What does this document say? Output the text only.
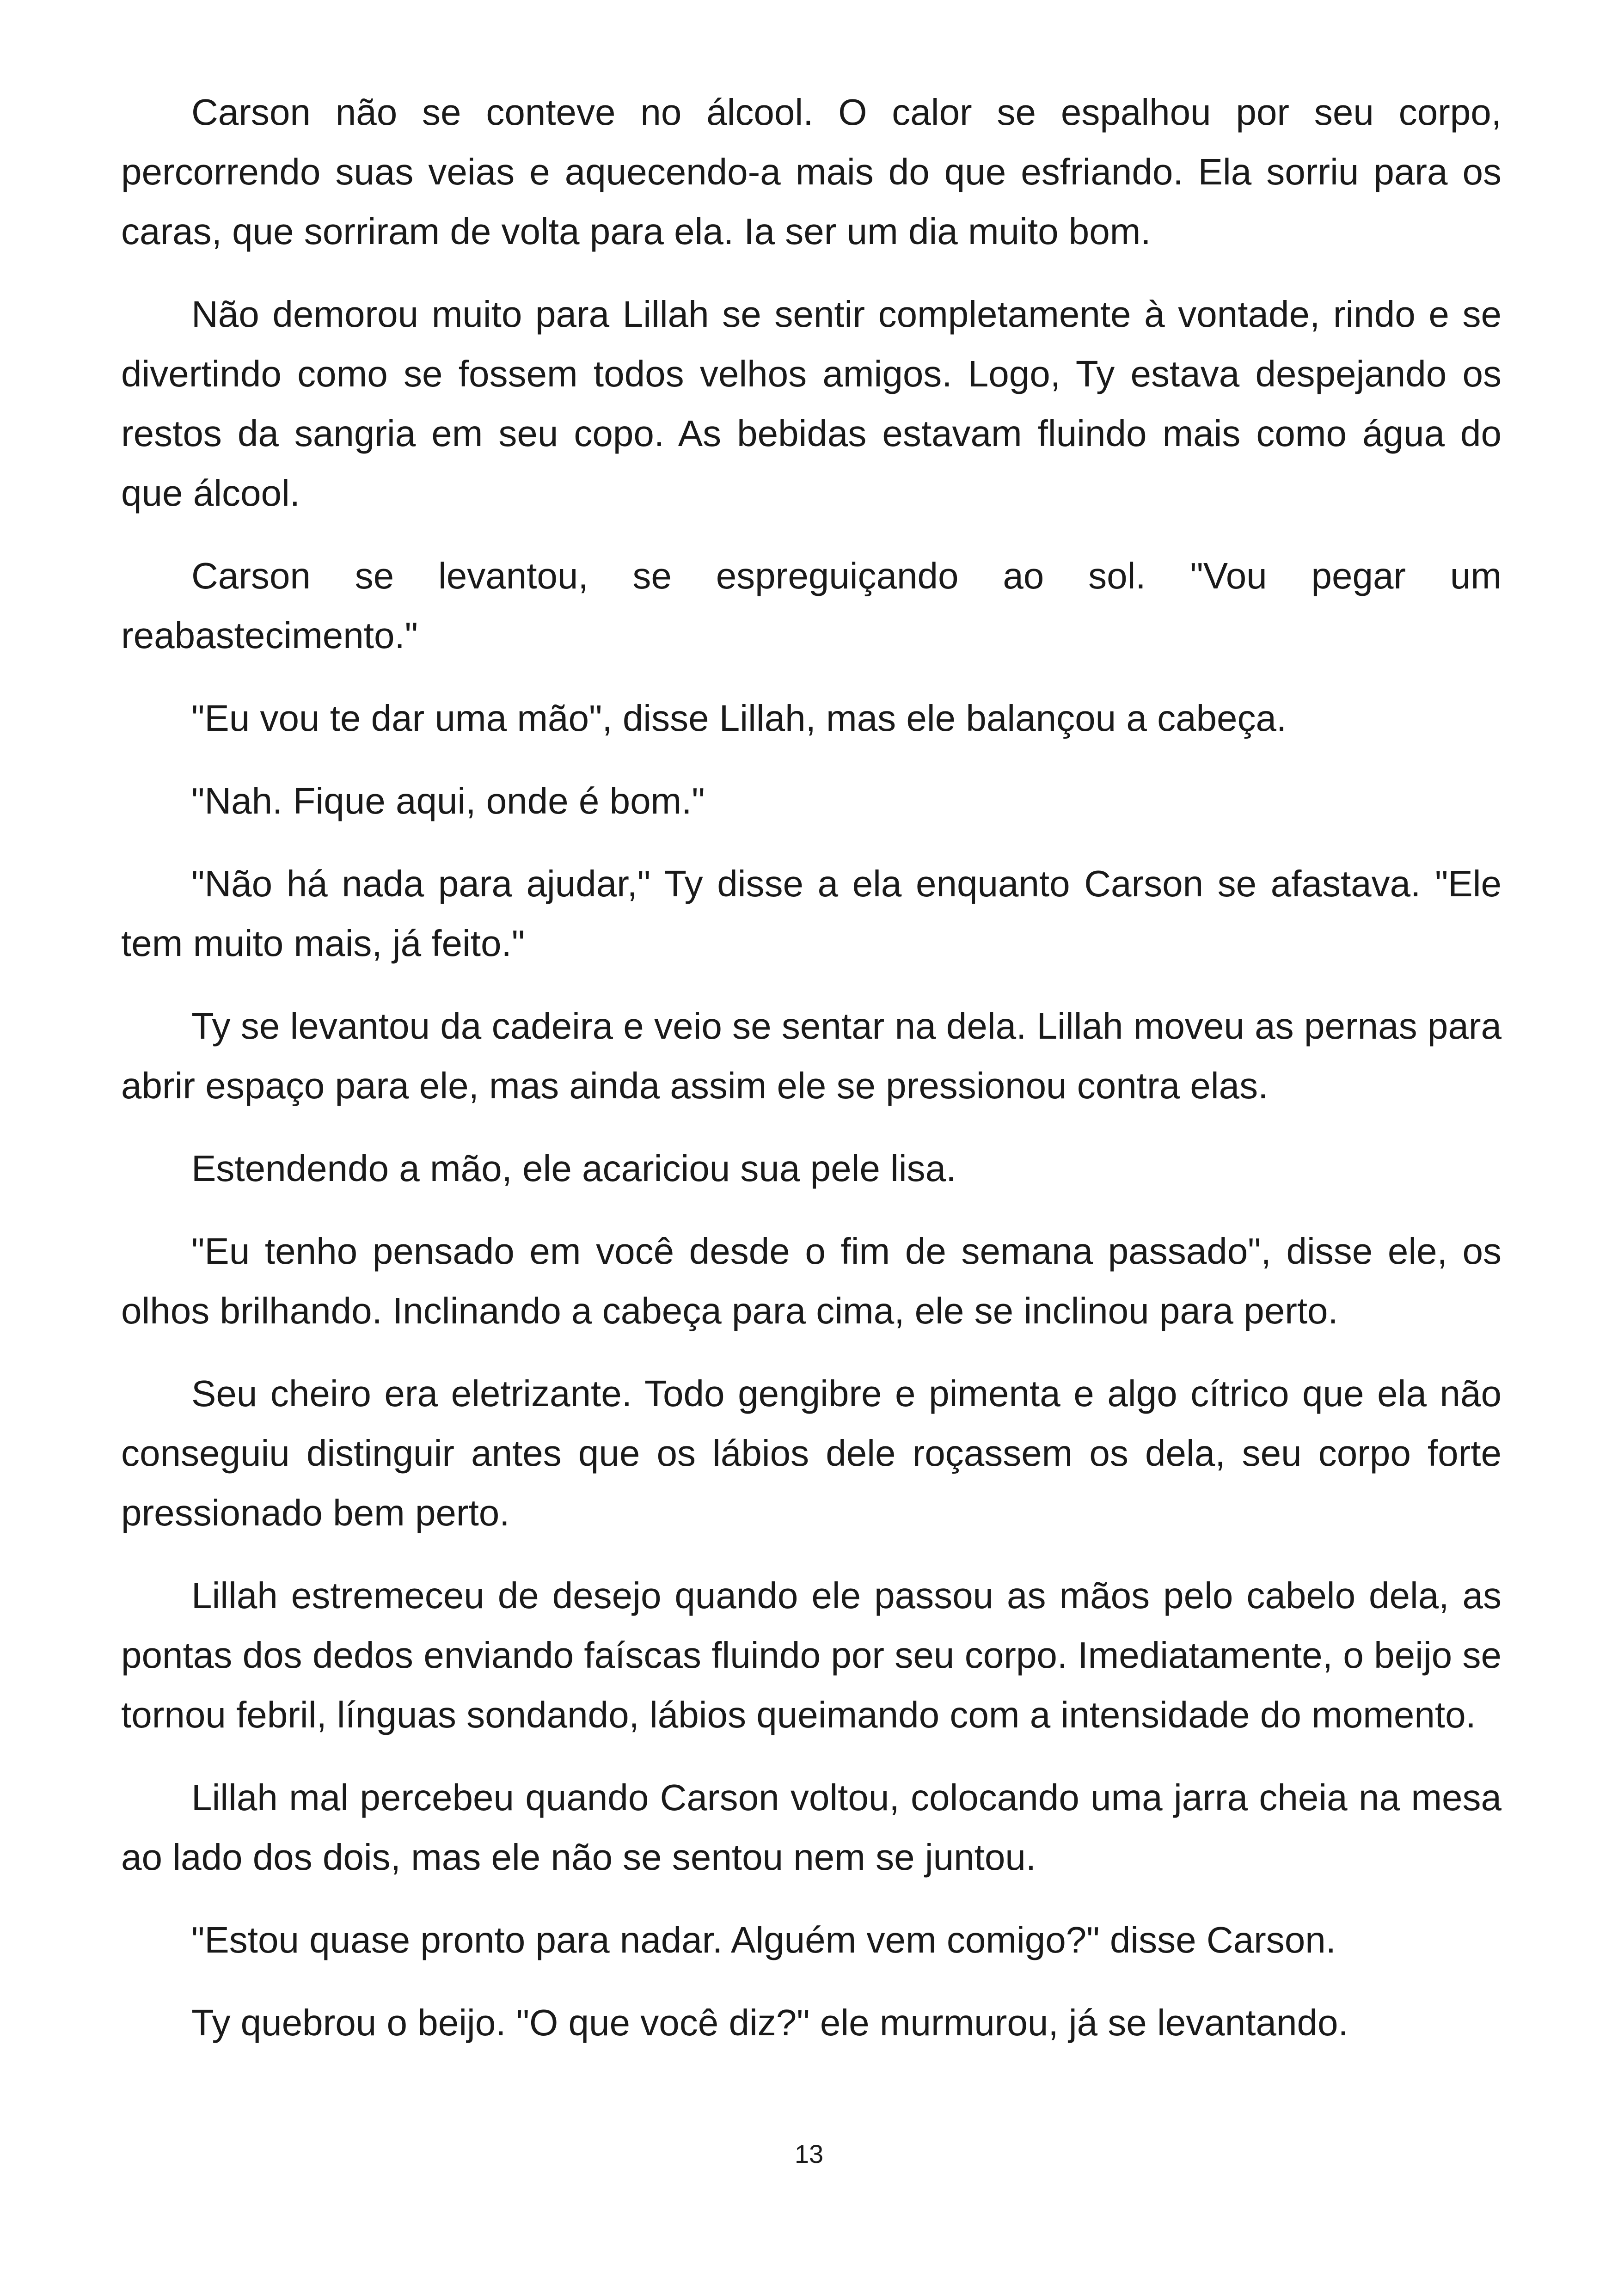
Carson não se conteve no álcool. O calor se espalhou por seu corpo, percorrendo suas veias e aquecendo-a mais do que esfriando. Ela sorriu para os caras, que sorriram de volta para ela. Ia ser um dia muito bom.

Não demorou muito para Lillah se sentir completamente à vontade, rindo e se divertindo como se fossem todos velhos amigos. Logo, Ty estava despejando os restos da sangria em seu copo. As bebidas estavam fluindo mais como água do que álcool.

Carson se levantou, se espreguiçando ao sol. "Vou pegar um reabastecimento."

"Eu vou te dar uma mão", disse Lillah, mas ele balançou a cabeça.

"Nah. Fique aqui, onde é bom."

"Não há nada para ajudar," Ty disse a ela enquanto Carson se afastava. "Ele tem muito mais, já feito."

Ty se levantou da cadeira e veio se sentar na dela. Lillah moveu as pernas para abrir espaço para ele, mas ainda assim ele se pressionou contra elas.

Estendendo a mão, ele acariciou sua pele lisa.

"Eu tenho pensado em você desde o fim de semana passado", disse ele, os olhos brilhando. Inclinando a cabeça para cima, ele se inclinou para perto.

Seu cheiro era eletrizante. Todo gengibre e pimenta e algo cítrico que ela não conseguiu distinguir antes que os lábios dele roçassem os dela, seu corpo forte pressionado bem perto.

Lillah estremeceu de desejo quando ele passou as mãos pelo cabelo dela, as pontas dos dedos enviando faíscas fluindo por seu corpo. Imediatamente, o beijo se tornou febril, línguas sondando, lábios queimando com a intensidade do momento.

Lillah mal percebeu quando Carson voltou, colocando uma jarra cheia na mesa ao lado dos dois, mas ele não se sentou nem se juntou.

"Estou quase pronto para nadar. Alguém vem comigo?" disse Carson.

Ty quebrou o beijo. "O que você diz?" ele murmurou, já se levantando.

13
